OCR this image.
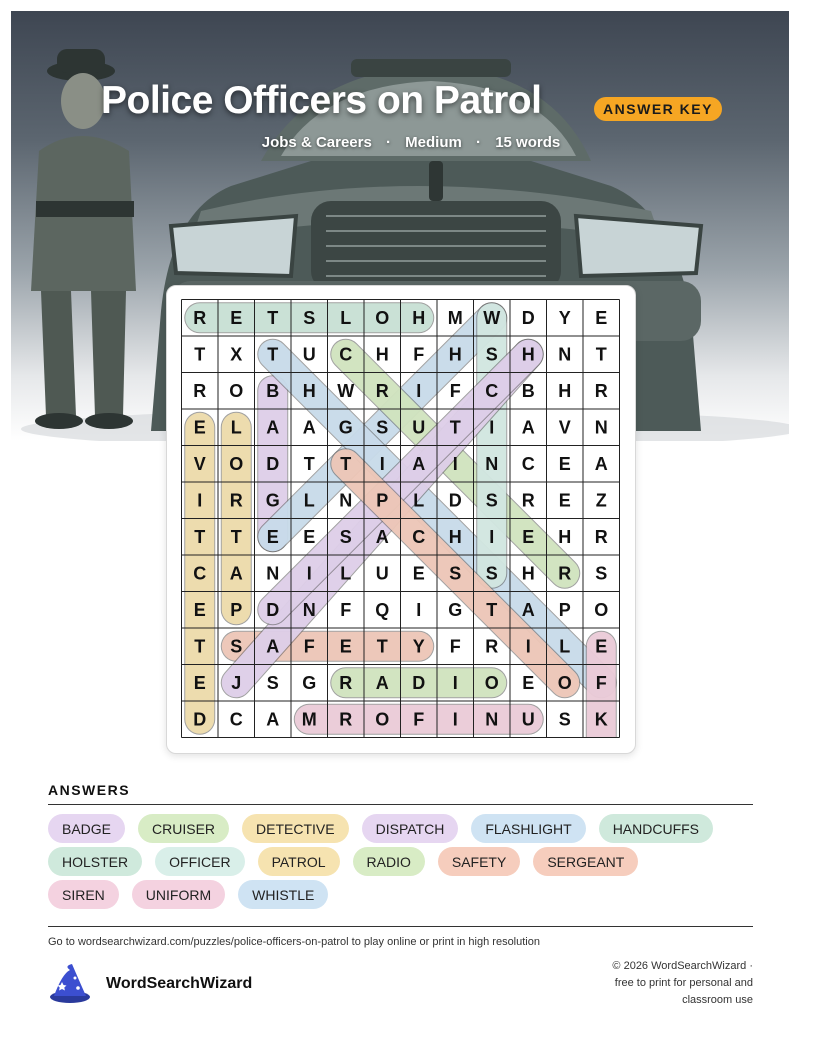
Police Officers on Patrol	ANSWER KEY
Jobs & Careers · Medium · 15 words
R E T S L O H M W D Y E
T X T U C H F H S H N T
R O B H W R I F C B H R
E L A A G S U T I A V N
V O D T T I A I N C E A
I R G L N P L D S R E Z
T T E E S A C H I E H R
C A N I L U E S S H R S
E P D N F Q I G T A P O
T S A F E T Y F R I L E
E J S G R A D I O E O F
D C A M R O F I N U S K
ANSWERS
BADGE	CRUISER	DETECTIVE	DISPATCH	FLASHLIGHT	HANDCUFFS
HOLSTER	OFFICER	PATROL	RADIO	SAFETY	SERGEANT
SIREN	UNIFORM	WHISTLE
Go to wordsearchwizard.com/puzzles/police-officers-on-patrol to play online or print in high resolution
WordSearchWizard
© 2026 WordSearchWizard ·
free to print for personal and
classroom use
